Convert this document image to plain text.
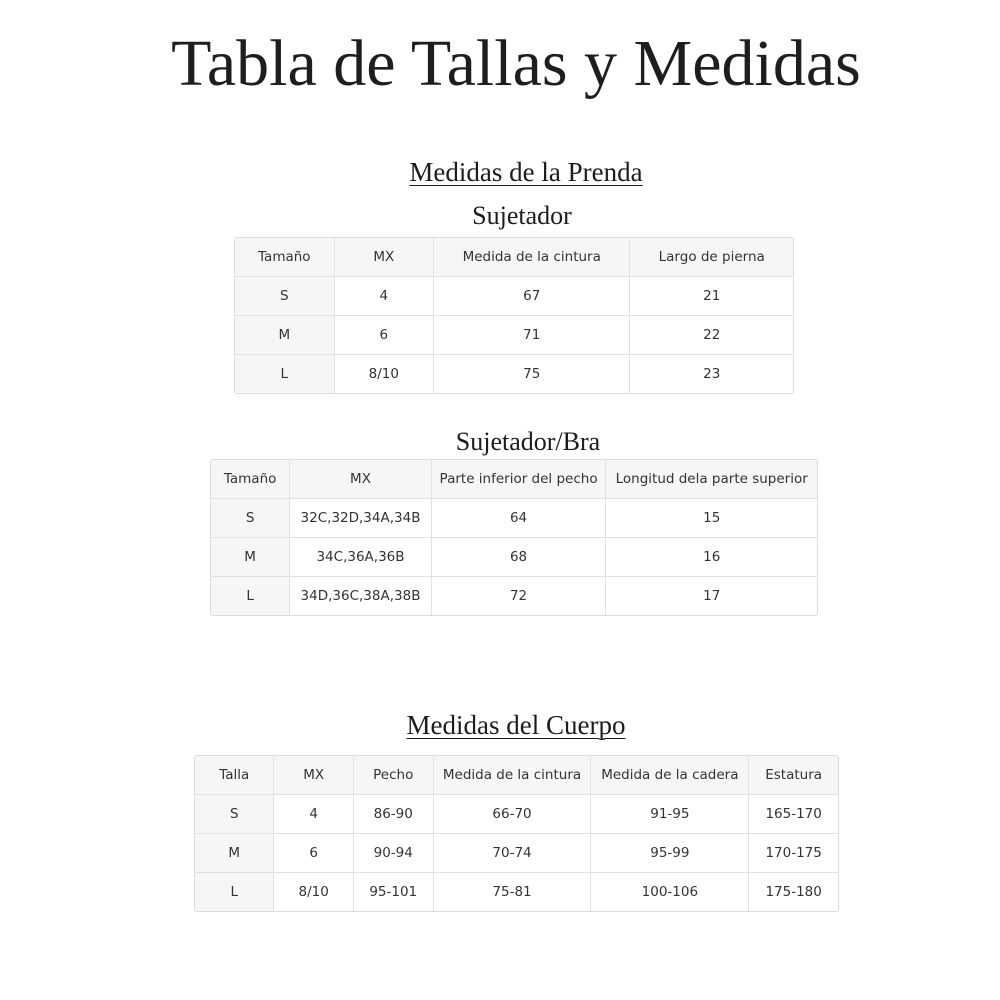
Tabla de Tallas y Medidas
Medidas de la Prenda
Sujetador
Tamaño	MX	Medida de la cintura	Largo de pierna
S	4	67	21
M	6	71	22
L	8/10	75	23
Sujetador/Bra
Tamaño	MX	Parte inferior del pecho	Longitud dela parte superior
S	32C,32D,34A,34B	64	15
M	34C,36A,36B	68	16
L	34D,36C,38A,38B	72	17
Medidas del Cuerpo
Talla	MX	Pecho	Medida de la cintura	Medida de la cadera	Estatura
S	4	86-90	66-70	91-95	165-170
M	6	90-94	70-74	95-99	170-175
L	8/10	95-101	75-81	100-106	175-180
